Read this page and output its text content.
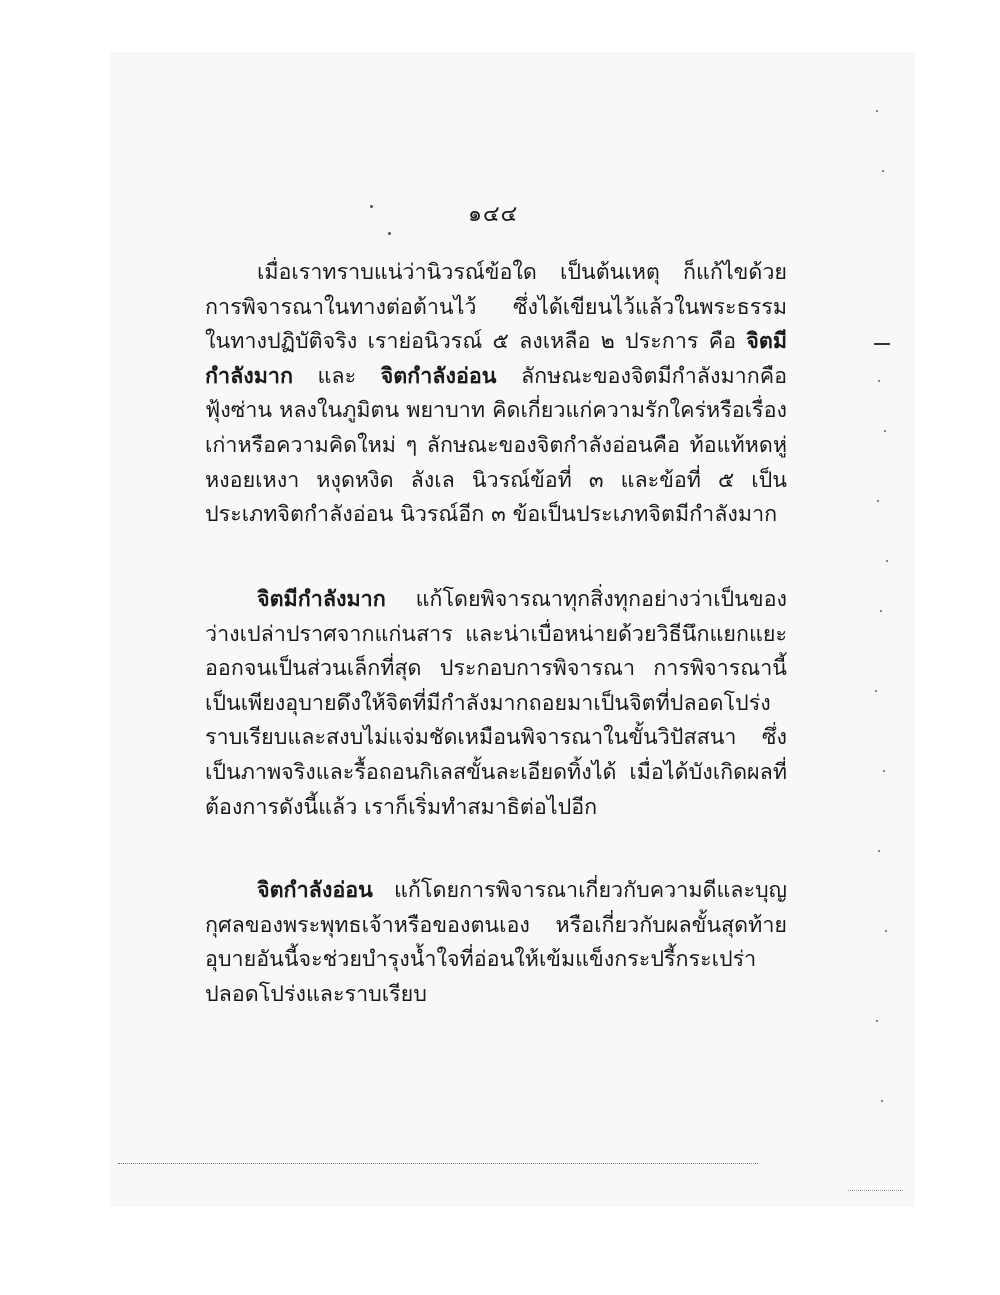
๑๔๔

เมื่อเราทราบแน่ว่านิวรณ์ข้อใด เป็นต้นเหตุ ก็แก้ไขด้วยการพิจารณาในทางต่อต้านไว้ ซึ่งได้เขียนไว้แล้วในพระธรรม ในทางปฏิบัติจริง เราย่อนิวรณ์ ๕ ลงเหลือ ๒ ประการ คือ จิตมีกำลังมาก และ จิตกำลังอ่อน ลักษณะของจิตมีกำลังมากคือ ฟุ้งซ่าน หลงในภูมิตน พยาบาท คิดเกี่ยวแก่ความรักใคร่หรือเรื่องเก่าหรือความคิดใหม่ ๆ ลักษณะของจิตกำลังอ่อนคือ ท้อแท้หดหู่ หงอยเหงา หงุดหงิด ลังเล นิวรณ์ข้อที่ ๓ และข้อที่ ๕ เป็นประเภทจิตกำลังอ่อน นิวรณ์อีก ๓ ข้อเป็นประเภทจิตมีกำลังมาก

จิตมีกำลังมาก แก้โดยพิจารณาทุกสิ่งทุกอย่างว่าเป็นของว่างเปล่าปราศจากแก่นสาร และน่าเบื่อหน่ายด้วยวิธีนึกแยกแยะออกจนเป็นส่วนเล็กที่สุด ประกอบการพิจารณา การพิจารณานี้ เป็นเพียงอุบายดึงให้จิตที่มีกำลังมากถอยมาเป็นจิตที่ปลอดโปร่งราบเรียบและสงบไม่แจ่มชัดเหมือนพิจารณาในขั้นวิปัสสนา ซึ่งเป็นภาพจริงและรื้อถอนกิเลสขั้นละเอียดทิ้งได้ เมื่อได้บังเกิดผลที่ต้องการดังนี้แล้ว เราก็เริ่มทำสมาธิต่อไปอีก

จิตกำลังอ่อน แก้โดยการพิจารณาเกี่ยวกับความดีและบุญกุศลของพระพุทธเจ้าหรือของตนเอง หรือเกี่ยวกับผลขั้นสุดท้าย อุบายอันนี้จะช่วยบำรุงน้ำใจที่อ่อนให้เข้มแข็งกระปรี้กระเปร่า ปลอดโปร่งและราบเรียบ
